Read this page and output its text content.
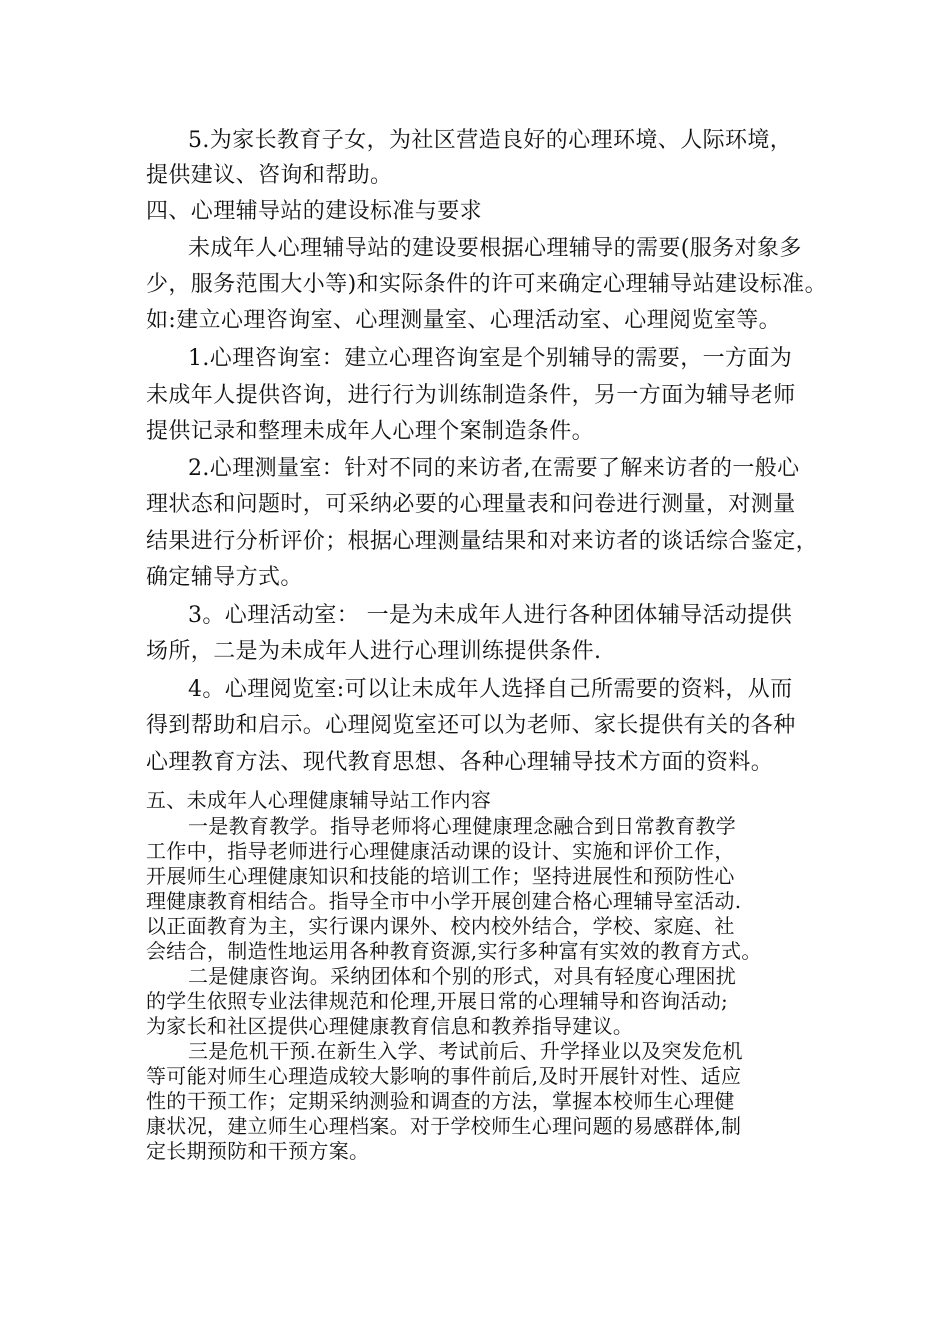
5.为家长教育子女，为社区营造良好的心理环境、人际环境，
提供建议、咨询和帮助。
四、心理辅导站的建设标准与要求
未成年人心理辅导站的建设要根据心理辅导的需要(服务对象多
少，服务范围大小等)和实际条件的许可来确定心理辅导站建设标准。
如:建立心理咨询室、心理测量室、心理活动室、心理阅览室等。
1.心理咨询室：建立心理咨询室是个别辅导的需要，一方面为
未成年人提供咨询，进行行为训练制造条件，另一方面为辅导老师
提供记录和整理未成年人心理个案制造条件。
2.心理测量室：针对不同的来访者,在需要了解来访者的一般心
理状态和问题时，可采纳必要的心理量表和问卷进行测量，对测量
结果进行分析评价；根据心理测量结果和对来访者的谈话综合鉴定，
确定辅导方式。
3。心理活动室： 一是为未成年人进行各种团体辅导活动提供
场所，二是为未成年人进行心理训练提供条件.
4。心理阅览室:可以让未成年人选择自己所需要的资料，从而
得到帮助和启示。心理阅览室还可以为老师、家长提供有关的各种
心理教育方法、现代教育思想、各种心理辅导技术方面的资料。
五、未成年人心理健康辅导站工作内容
一是教育教学。指导老师将心理健康理念融合到日常教育教学
工作中，指导老师进行心理健康活动课的设计、实施和评价工作，
开展师生心理健康知识和技能的培训工作；坚持进展性和预防性心
理健康教育相结合。指导全市中小学开展创建合格心理辅导室活动.
以正面教育为主，实行课内课外、校内校外结合，学校、家庭、社
会结合，制造性地运用各种教育资源,实行多种富有实效的教育方式。
二是健康咨询。采纳团体和个别的形式，对具有轻度心理困扰
的学生依照专业法律规范和伦理,开展日常的心理辅导和咨询活动;
为家长和社区提供心理健康教育信息和教养指导建议。
三是危机干预.在新生入学、考试前后、升学择业以及突发危机
等可能对师生心理造成较大影响的事件前后,及时开展针对性、适应
性的干预工作；定期采纳测验和调查的方法，掌握本校师生心理健
康状况，建立师生心理档案。对于学校师生心理问题的易感群体,制
定长期预防和干预方案。
